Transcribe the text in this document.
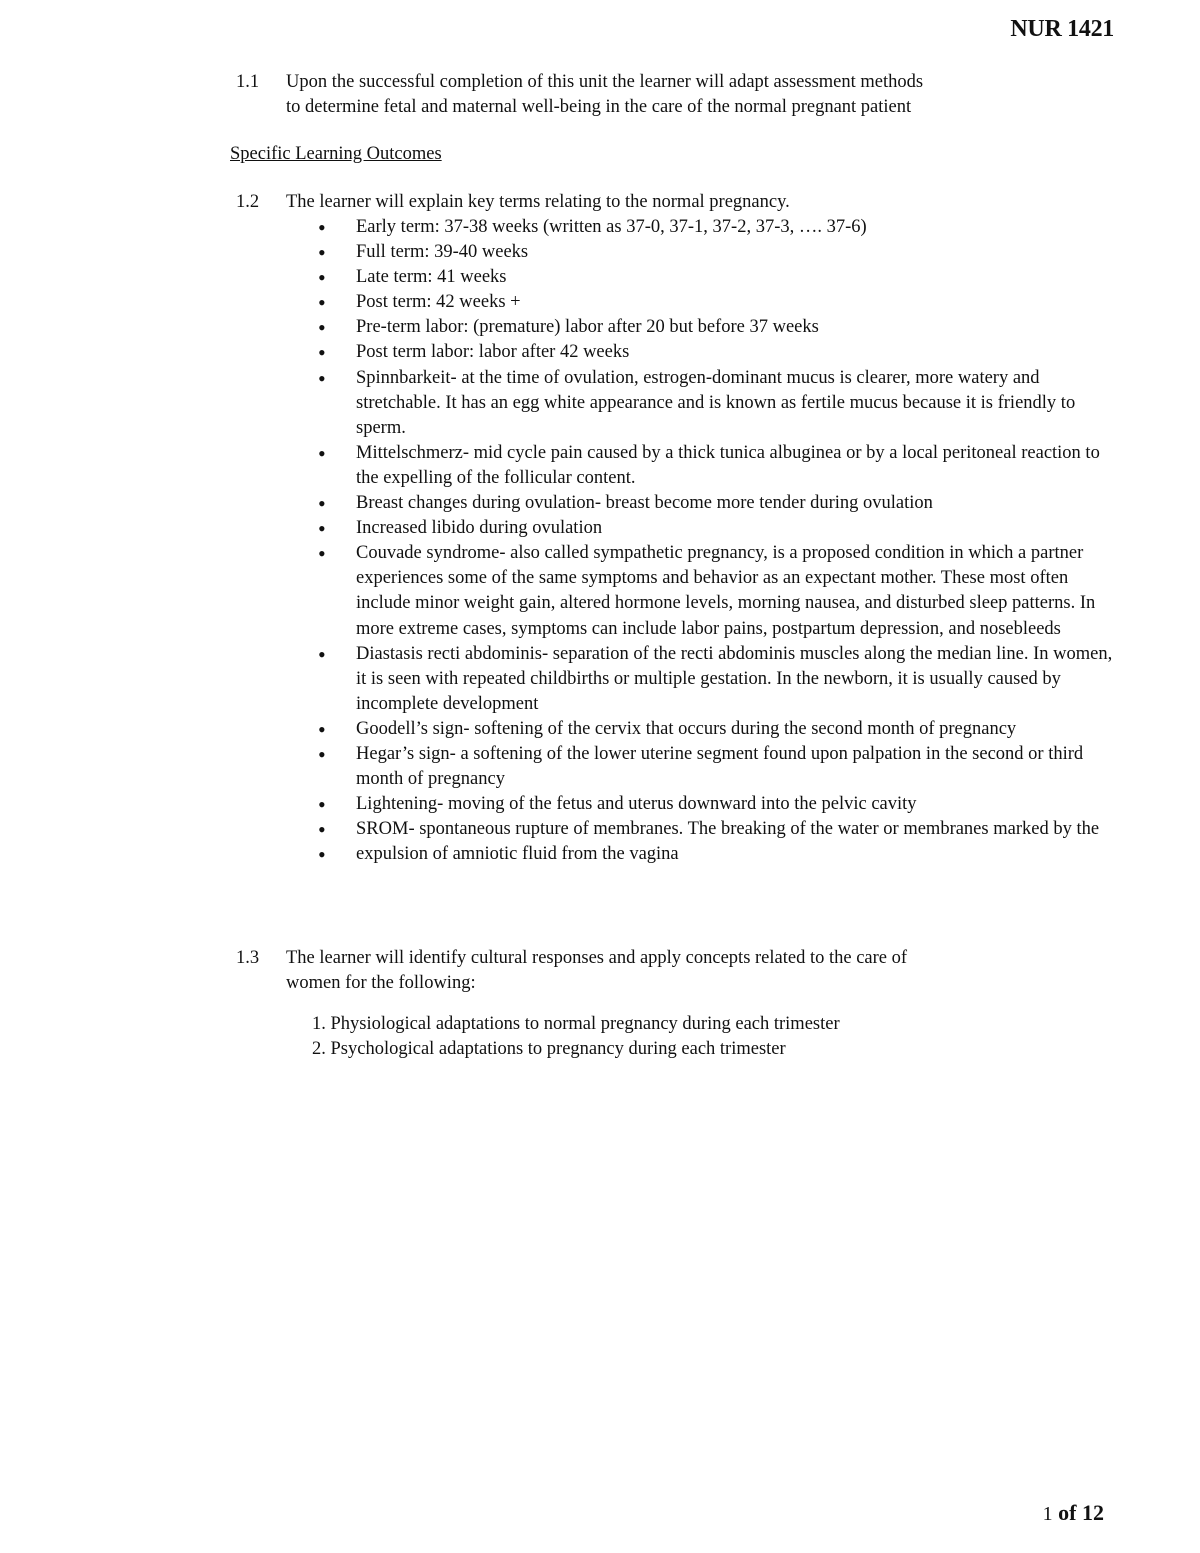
NUR 1421
1.1 Upon the successful completion of this unit the learner will adapt assessment methods
to determine fetal and maternal well-being in the care of the normal pregnant patient
Specific Learning Outcomes
1.2 The learner will explain key terms relating to the normal pregnancy.
• Early term: 37-38 weeks (written as 37-0, 37-1, 37-2, 37-3, …. 37-6)
• Full term: 39-40 weeks
• Late term: 41 weeks
• Post term: 42 weeks +
• Pre-term labor: (premature) labor after 20 but before 37 weeks
• Post term labor: labor after 42 weeks
• Spinnbarkeit- at the time of ovulation, estrogen-dominant mucus is clearer, more watery and stretchable. It has an egg white appearance and is known as fertile mucus because it is friendly to sperm.
• Mittelschmerz- mid cycle pain caused by a thick tunica albuginea or by a local peritoneal reaction to the expelling of the follicular content.
• Breast changes during ovulation- breast become more tender during ovulation
• Increased libido during ovulation
• Couvade syndrome- also called sympathetic pregnancy, is a proposed condition in which a partner experiences some of the same symptoms and behavior as an expectant mother. These most often include minor weight gain, altered hormone levels, morning nausea, and disturbed sleep patterns. In more extreme cases, symptoms can include labor pains, postpartum depression, and nosebleeds
• Diastasis recti abdominis- separation of the recti abdominis muscles along the median line. In women, it is seen with repeated childbirths or multiple gestation. In the newborn, it is usually caused by incomplete development
• Goodell’s sign- softening of the cervix that occurs during the second month of pregnancy
• Hegar’s sign- a softening of the lower uterine segment found upon palpation in the second or third month of pregnancy
• Lightening- moving of the fetus and uterus downward into the pelvic cavity
• SROM- spontaneous rupture of membranes. The breaking of the water or membranes marked by the
• expulsion of amniotic fluid from the vagina
1.3 The learner will identify cultural responses and apply concepts related to the care of
women for the following:
1. Physiological adaptations to normal pregnancy during each trimester
2. Psychological adaptations to pregnancy during each trimester
1 of 12
